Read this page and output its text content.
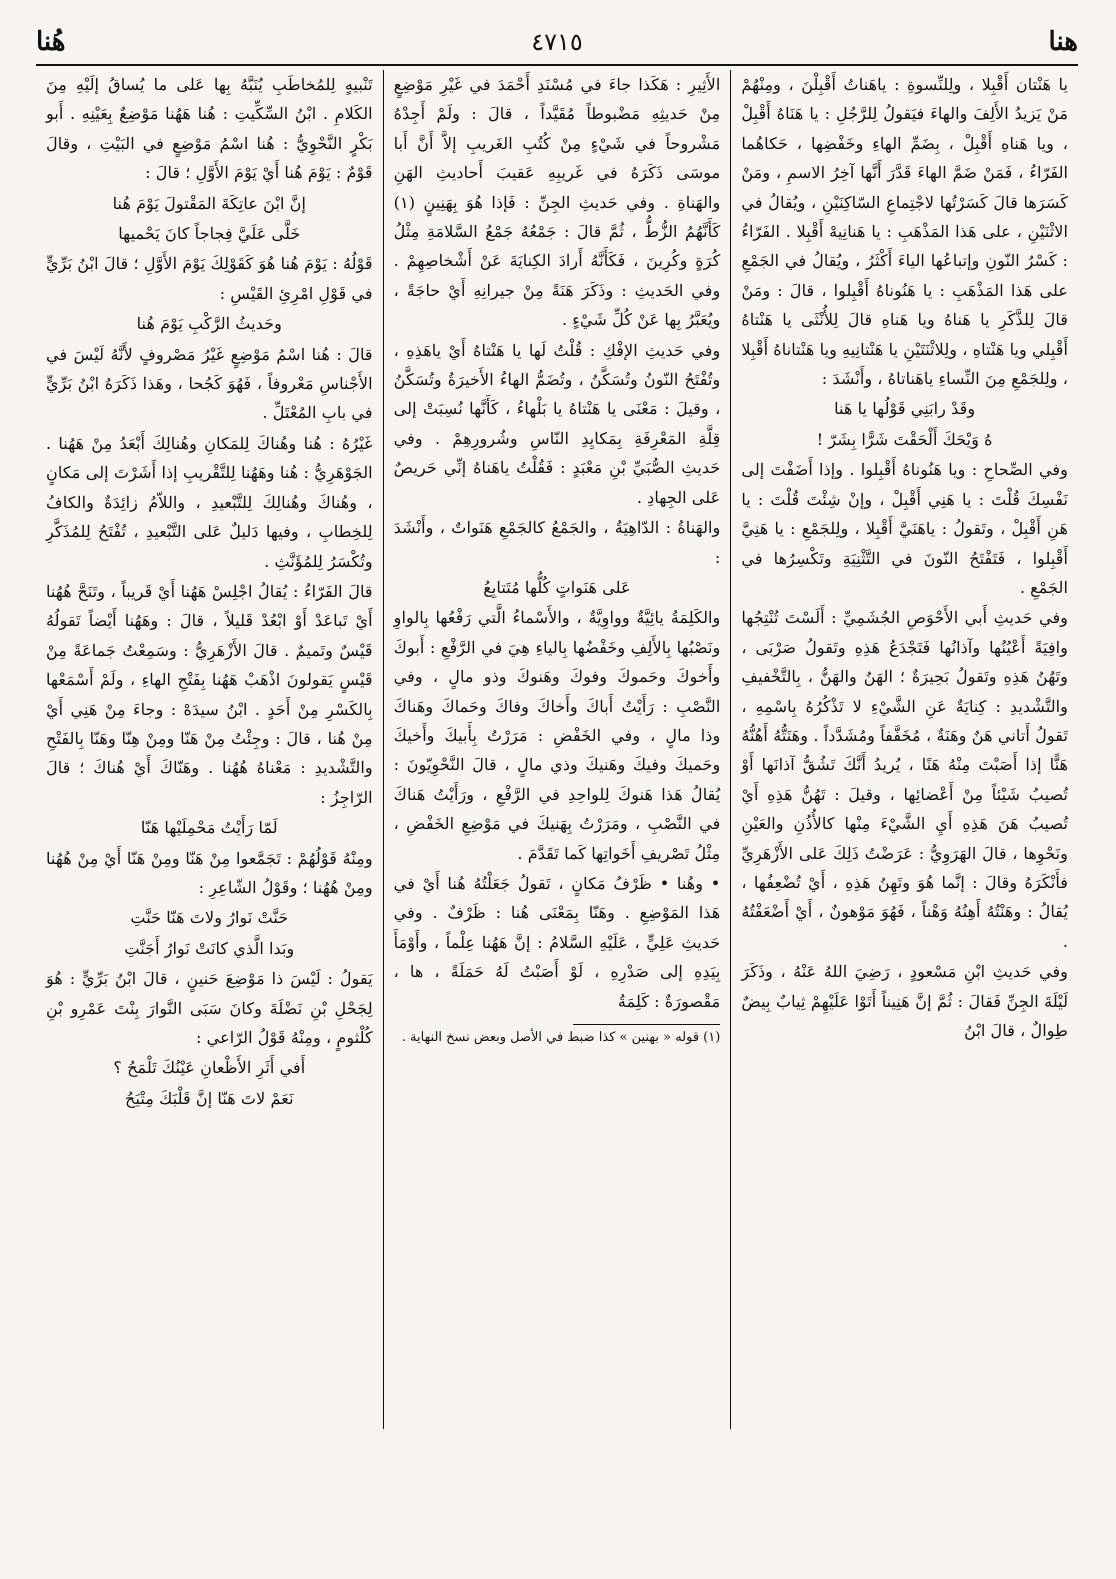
هنا
٤٧١٥
هُنا

يا هَنْتان أَقْبِلا ، ولِلنِّسوةِ : ياهَناتُ أَقْبِلْنَ ، ومِنْهُمْ مَنْ يَزيدُ الأَلِفَ والهاءَ فيَقولُ لِلرَّجُلِ : يا هَنَاهُ أَقْبِلْ ، ويا هَناهِ أَقْبِلْ ، بِضَمِّ الهاءِ وخَفْضِها ، حَكاهُما الفَرّاءُ ، فَمَنْ ضَمَّ الهاءَ قَدَّرَ أَنَّها آخِرُ الاسمِ ، ومَنْ كَسَرَها قالَ كَسَرْتُها لاجْتِماعِ السّاكِنَيْنِ ، ويُقالُ في الاثْنَيْنِ ، على هَذا المَذْهَبِ : يا هَنانِيهْ أَقْبِلا . الفَرّاءُ : كَسْرُ النّونِ وإتباعُها الياءَ أَكْثَرُ ، ويُقالُ في الجَمْعِ على هَذا المَذْهَبِ : يا هَنُوناهُ أَقْبِلوا ، قالَ : ومَنْ قالَ لِلذَّكَرِ يا هَناهُ ويا هَناهِ قالَ لِلأُنْثَى يا هَنْتاهُ أَقْبِلي ويا هَنْتاهِ ، ولِلاثْنَتَيْنِ يا هَنْتانِيهِ ويا هَنْتاناهُ أَقْبِلا ، ولِلجَمْعِ مِنَ النِّساءِ ياهَناتاهُ ، وأَنْشَدَ :

وقَدْ رابَنِي قَوْلُها يا هَنا

هُ وَيْحَكَ أَلْحَقْتَ شَرًّا بِشَرّ !

وفي الصِّحاحِ : ويا هَنُوناهُ أَقْبِلوا . وإذا أَضَفْتَ إلى نَفْسِكَ قُلْتَ : يا هَنِي أَقْبِلْ ، وإنْ شِئْتَ قُلْتَ : يا هَنِ أَقْبِلْ ، وتَقولُ : ياهَنَيَّ أَقْبِلا ، ولِلجَمْعِ : يا هَنِيَّ أَقْبِلوا ، فَتَفْتَحُ النّونَ في التَّثْنِيَةِ وتَكْسِرُها في الجَمْعِ .

وفي حَديثِ أَبي الأَحْوَصِ الجُشَمِيِّ : أَلَسْتَ تُنْتِجُها وافِيَةً أَعْيُنُها وآذانُها فَتَجْدَعُ هَذِهِ وتَقولُ صَرْبَى ، وتَهُنُ هَذِهِ وتَقولُ بَحِيرَةٌ ؛ الهَنُ والهَنُّ ، بِالتَّخْفيفِ والتَّشْديدِ : كِنايَةٌ عَنِ الشَّيْءِ لا تَذْكُرُهُ بِاسْمِهِ ، تَقولُ أَتاني هَنٌ وهَنَةٌ ، مُخَفَّفاً ومُشَدَّداً . وهَنَتُّهُ أَهُنُّهُ هَنًّا إذا أَصَبْتَ مِنْهُ هَنًا ، يُريدُ أَنَّكَ تَشُقُّ آذانَها أَوْ تُصيبُ شَيْئاً مِنْ أَعْضائِها ، وقيلَ : تَهُنُّ هَذِهِ أَيْ تُصيبُ هَنَ هَذِهِ أَيِ الشَّيْءَ مِنْها كالأُذُنِ والعَيْنِ ونَحْوِها ، قالَ الهَرَوِيُّ : عَرَضْتُ ذَلِكَ عَلى الأَزْهَرِيِّ فأَنْكَرَهُ وقالَ : إنَّما هُوَ وتَهِنُ هَذِهِ ، أَيْ تُضْعِفُها ، يُقالُ : وهَنْتُهُ أَهِنُهُ وَهْناً ، فَهُوَ مَوْهونٌ ، أَيْ أَضْعَفْتُهُ .

وفي حَديثِ ابْنِ مَسْعودٍ ، رَضِيَ اللهُ عَنْهُ ، وذَكَرَ لَيْلَةَ الجِنِّ فَقالَ : ثُمَّ إنَّ هَنِيناً أَتَوْا عَلَيْهِمْ ثِيابٌ بِيضٌ طِوالٌ ، قالَ ابْنُ

الأَثِيرِ : هَكَذا جاءَ في مُسْنَدِ أَحْمَدَ في غَيْرِ مَوْضِعٍ مِنْ حَديثِهِ مَضْبوطاً مُقَيَّداً ، قالَ : ولَمْ أَجِدْهُ مَشْروحاً في شَيْءٍ مِنْ كُتُبِ الغَريبِ إلاَّ أَنَّ أَبا موسَى ذَكَرَهُ في غَريبِهِ عَقيبَ أَحاديثِ الهَنِ والهَناةِ . وفي حَديثِ الجِنِّ : فَإذا هُوَ بِهَنِينٍ (١) كَأَنَّهُمُ الزُّطُّ ، ثُمَّ قالَ : جَمْعُهُ جَمْعُ السَّلامَةِ مِثْلُ كُرَةٍ وكُرِينَ ، فَكَأَنَّهُ أَرادَ الكِنايَةَ عَنْ أَشْخاصِهِمْ . وفي الحَديثِ : وذَكَرَ هَنَةً مِنْ جيرانِهِ أَيْ حاجَةً ، ويُعَبَّرُ بِها عَنْ كُلِّ شَيْءٍ .

وفي حَديثِ الإفْكِ : قُلْتُ لَها يا هَنْتاهُ أَيْ ياهَذِهِ ، وتُفْتَحُ النّونُ وتُسَكَّنُ ، وتُضَمُّ الهاءُ الأَخيرَةُ وتُسَكَّنُ ، وقيلَ : مَعْنَى يا هَنْتاهُ يا بَلْهاءُ ، كَأَنَّها نُسِبَتْ إلى قِلَّةِ المَعْرِفَةِ بِمَكايِدِ النّاسِ وشُرورِهِمْ . وفي حَديثِ الصُّبَيِّ بْنِ مَعْبَدٍ : فَقُلْتُ ياهَناهُ إنِّي حَريصٌ عَلى الجِهادِ .

والهَناةُ : الدّاهِيَةُ ، والجَمْعُ كالجَمْعِ هَنَواتٌ ، وأَنْشَدَ :

عَلى هَنَواتٍ كُلُّها مُتَتابِعُ

والكَلِمَةُ يائِيَّةٌ وواوِيَّةٌ ، والأَسْماءُ الَّتي رَفْعُها بِالواوِ ونَصْبُها بِالأَلِفِ وخَفْضُها بِالياءِ هِيَ في الرَّفْعِ : أَبوكَ وأَخوكَ وحَموكَ وفوكَ وهَنوكَ وذو مالٍ ، وفي النَّصْبِ : رَأَيْتُ أَباكَ وأَخاكَ وفاكَ وحَماكَ وهَناكَ وذا مالٍ ، وفي الخَفْضِ : مَرَرْتُ بِأَبيكَ وأَخيكَ وحَميكَ وفيكَ وهَنيكَ وذي مالٍ ، قالَ النَّحْوِيّونَ : يُقالُ هَذا هَنوكَ لِلواحِدِ في الرَّفْعِ ، ورَأَيْتُ هَناكَ في النَّصْبِ ، ومَرَرْتُ بِهَنيكَ في مَوْضِعِ الخَفْضِ ، مِثْلُ تَصْريفِ أَخَواتِها كَما تَقَدَّمَ .

• وهُنا • ظَرْفُ مَكانٍ ، تَقولُ جَعَلْتُهُ هُنا أَيْ في هَذا المَوْضِعِ . وهَنّا بِمَعْنَى هُنا : ظَرْفٌ . وفي حَديثِ عَلِيٍّ ، عَلَيْهِ السَّلامُ : إنَّ هَهُنا عِلْماً ، وأَوْمَأَ بِيَدِهِ إلى صَدْرِهِ ، لَوْ أَصَبْتُ لَهُ حَمَلَةً ، ها ، مَقْصورَةٌ : كَلِمَةُ

(١) قوله « بهنين » كذا ضبط في الأصل وبعض نسخ النهاية .

تَنْبيهٍ لِلمُخاطَبِ يُنَبَّهُ بِها عَلى ما يُساقُ إلَيْهِ مِنَ الكَلامِ . ابْنُ السِّكِّيتِ : هُنا هَهُنا مَوْضِعٌ بِعَيْنِهِ . أَبو بَكْرٍ النَّحْوِيُّ : هُنا اسْمُ مَوْضِعٍ في البَيْتِ ، وقالَ قَوْمٌ : يَوْمَ هُنا أَيْ يَوْمَ الأَوَّلِ ؛ قالَ :

إنَّ ابْنَ عاتِكَةَ المَقْتولَ يَوْمَ هُنا

خَلَّى عَلَيَّ فِجاجاً كانَ يَحْميها

قَوْلُهُ : يَوْمَ هُنا هُوَ كَقَوْلِكَ يَوْمَ الأَوَّلِ ؛ قالَ ابْنُ بَرِّيٍّ في قَوْلِ امْرِئِ القَيْسِ :

وحَديثُ الرَّكْبِ يَوْمَ هُنا

قالَ : هُنا اسْمُ مَوْضِعٍ غَيْرُ مَصْروفٍ لأَنَّهُ لَيْسَ في الأَجْناسِ مَعْروفاً ، فَهُوَ كَجُحا ، وهَذا ذَكَرَهُ ابْنُ بَرِّيٍّ في بابِ المُعْتَلِّ .

غَيْرُهُ : هُنا وهُناكَ لِلمَكانِ وهُنالِكَ أَبْعَدُ مِنْ هَهُنا . الجَوْهَرِيُّ : هُنا وهَهُنا لِلتَّقْريبِ إذا أَشَرْتَ إلى مَكانٍ ، وهُناكَ وهُنالِكَ لِلتَّبْعيدِ ، واللاّمُ زائِدَةٌ والكافُ لِلخِطابِ ، وفيها دَليلٌ عَلى التَّبْعيدِ ، تُفْتَحُ لِلمُذَكَّرِ وتُكْسَرُ لِلمُؤَنَّثِ .

قالَ الفَرّاءُ : يُقالُ اجْلِسْ هَهُنا أَيْ قَريباً ، وتَنَحَّ هُهُنا أَيْ تَباعَدْ أَوْ ابْعُدْ قَليلاً ، قالَ : وهَهُنا أَيْضاً تَقولُهُ قَيْسٌ وتَميمٌ . قالَ الأَزْهَرِيُّ : وسَمِعْتُ جَماعَةً مِنْ قَيْسٍ يَقولونَ اذْهَبْ هَهُنا بِفَتْحِ الهاءِ ، ولَمْ أَسْمَعْها بِالكَسْرِ مِنْ أَحَدٍ . ابْنُ سيدَهْ : وجاءَ مِنْ هَنِي أَيْ مِنْ هُنا ، قالَ : وجِئْتُ مِنْ هَنّا ومِنْ هِنّا وهَنّا بِالفَتْحِ والتَّشْديدِ : مَعْناهُ هُهُنا . وهَنّاكَ أَيْ هُناكَ ؛ قالَ الرّاجِزُ :

لَمّا رَأَيْتُ مَحْمِلَيْها هَنّا

ومِنْهُ قَوْلُهُمْ : تَجَمَّعوا مِنْ هَنّا ومِنْ هَنّا أَيْ مِنْ هُهُنا ومِنْ هُهُنا ؛ وقَوْلُ الشّاعِرِ :

حَنَّتْ نَوارُ ولاتَ هَنّا حَنَّتِ

وبَدا الَّذي كانَتْ نَوارُ أَجَنَّتِ

يَقولُ : لَيْسَ ذا مَوْضِعَ حَنينٍ ، قالَ ابْنُ بَرِّيٍّ : هُوَ لِجَحْلِ بْنِ نَضْلَةَ وكانَ سَبَى النَّوارَ بِنْتَ عَمْرِو بْنِ كُلْثومٍ ، ومِنْهُ قَوْلُ الرّاعي :

أَفي أَثَرِ الأَظْعانِ عَيْنُكَ تَلْمَحُ ؟

نَعَمْ لاتَ هَنّا إنَّ قَلْبَكَ مِتْيَحُ
